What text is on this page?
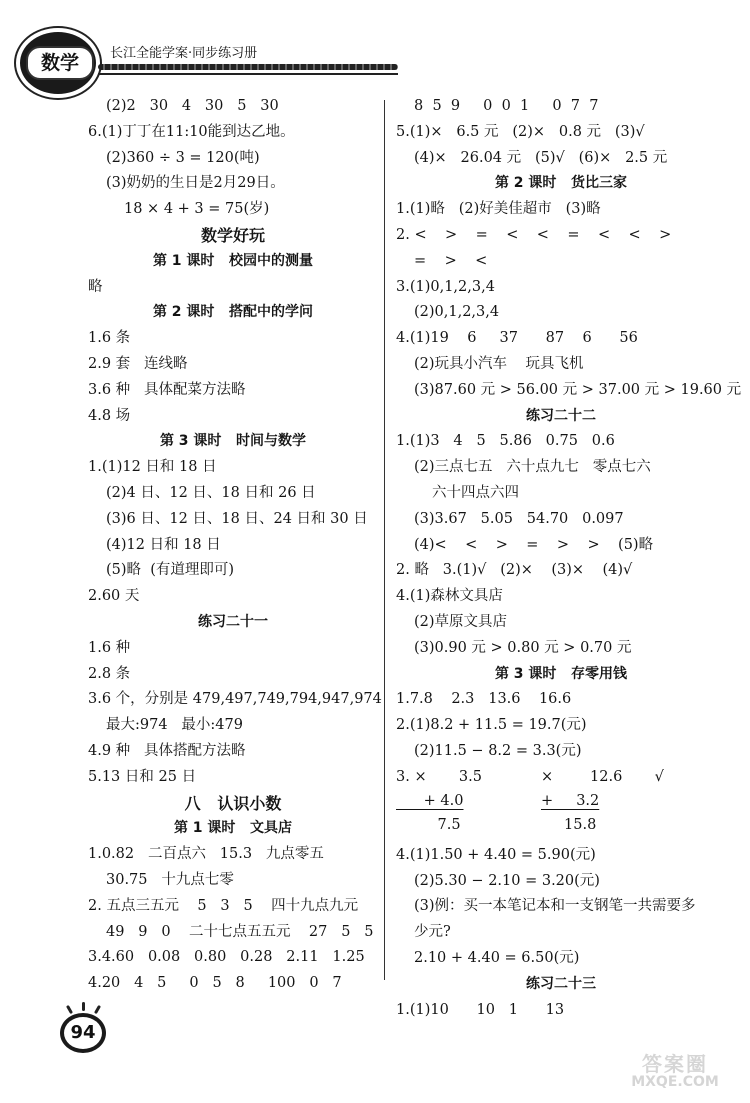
数学	长江全能学案·同步练习册
(2)2   30   4   30   5   30
6.(1)丁丁在11:10能到达乙地。
(2)360 ÷ 3 = 120(吨)
(3)奶奶的生日是2月29日。
18 × 4 + 3 = 75(岁)
数学好玩
第 1 课时   校园中的测量
略
第 2 课时   搭配中的学问
1.6 条
2.9 套   连线略
3.6 种   具体配菜方法略
4.8 场
第 3 课时   时间与数学
1.(1)12 日和 18 日
(2)4 日、12 日、18 日和 26 日
(3)6 日、12 日、18 日、24 日和 30 日
(4)12 日和 18 日
(5)略  (有道理即可)
2.60 天
练习二十一
1.6 种
2.8 条
3.6 个，分别是 479,497,749,794,947,974
最大:974   最小:479
4.9 种   具体搭配方法略
5.13 日和 25 日
八   认识小数
第 1 课时   文具店
1.0.82   二百点六   15.3   九点零五
30.75   十九点七零
2. 五点三五元    5   3   5    四十九点九元
49   9   0    二十七点五五元    27   5   5
3.4.60   0.08   0.80   0.28   2.11   1.25
4.20   4   5     0   5   8     100   0   7
8  5  9     0  0  1     0  7  7
5.(1)×   6.5 元   (2)×   0.8 元   (3)√
(4)×   26.04 元   (5)√   (6)×   2.5 元
第 2 课时   货比三家
1.(1)略   (2)好美佳超市   (3)略
2. <    >    =    <    <    =    <    <    >
=    >    <
3.(1)0,1,2,3,4
(2)0,1,2,3,4
4.(1)19    6     37      87    6      56
(2)玩具小汽车    玩具飞机
(3)87.60 元 > 56.00 元 > 37.00 元 > 19.60 元
练习二十二
1.(1)3   4   5   5.86   0.75   0.6
(2)三点七五   六十点九七   零点七六
六十四点六四
(3)3.67   5.05   54.70   0.097
(4)<    <    >    =    >    >    (5)略
2. 略   3.(1)√   (2)×    (3)×    (4)√
4.(1)森林文具店
(2)草原文具店
(3)0.90 元 > 0.80 元 > 0.70 元
第 3 课时   存零用钱
1.7.8    2.3   13.6    16.6
2.(1)8.2 + 11.5 = 19.7(元)
(2)11.5 − 8.2 = 3.3(元)
3. ×       3.5
+ 4.0
7.5
×        12.6       √
+     3.2
15.8
4.(1)1.50 + 4.40 = 5.90(元)
(2)5.30 − 2.10 = 3.20(元)
(3)例：买一本笔记本和一支钢笔一共需要多
少元?
2.10 + 4.40 = 6.50(元)
练习二十三
1.(1)10      10   1      13
94
答案圈
MXQE.COM
